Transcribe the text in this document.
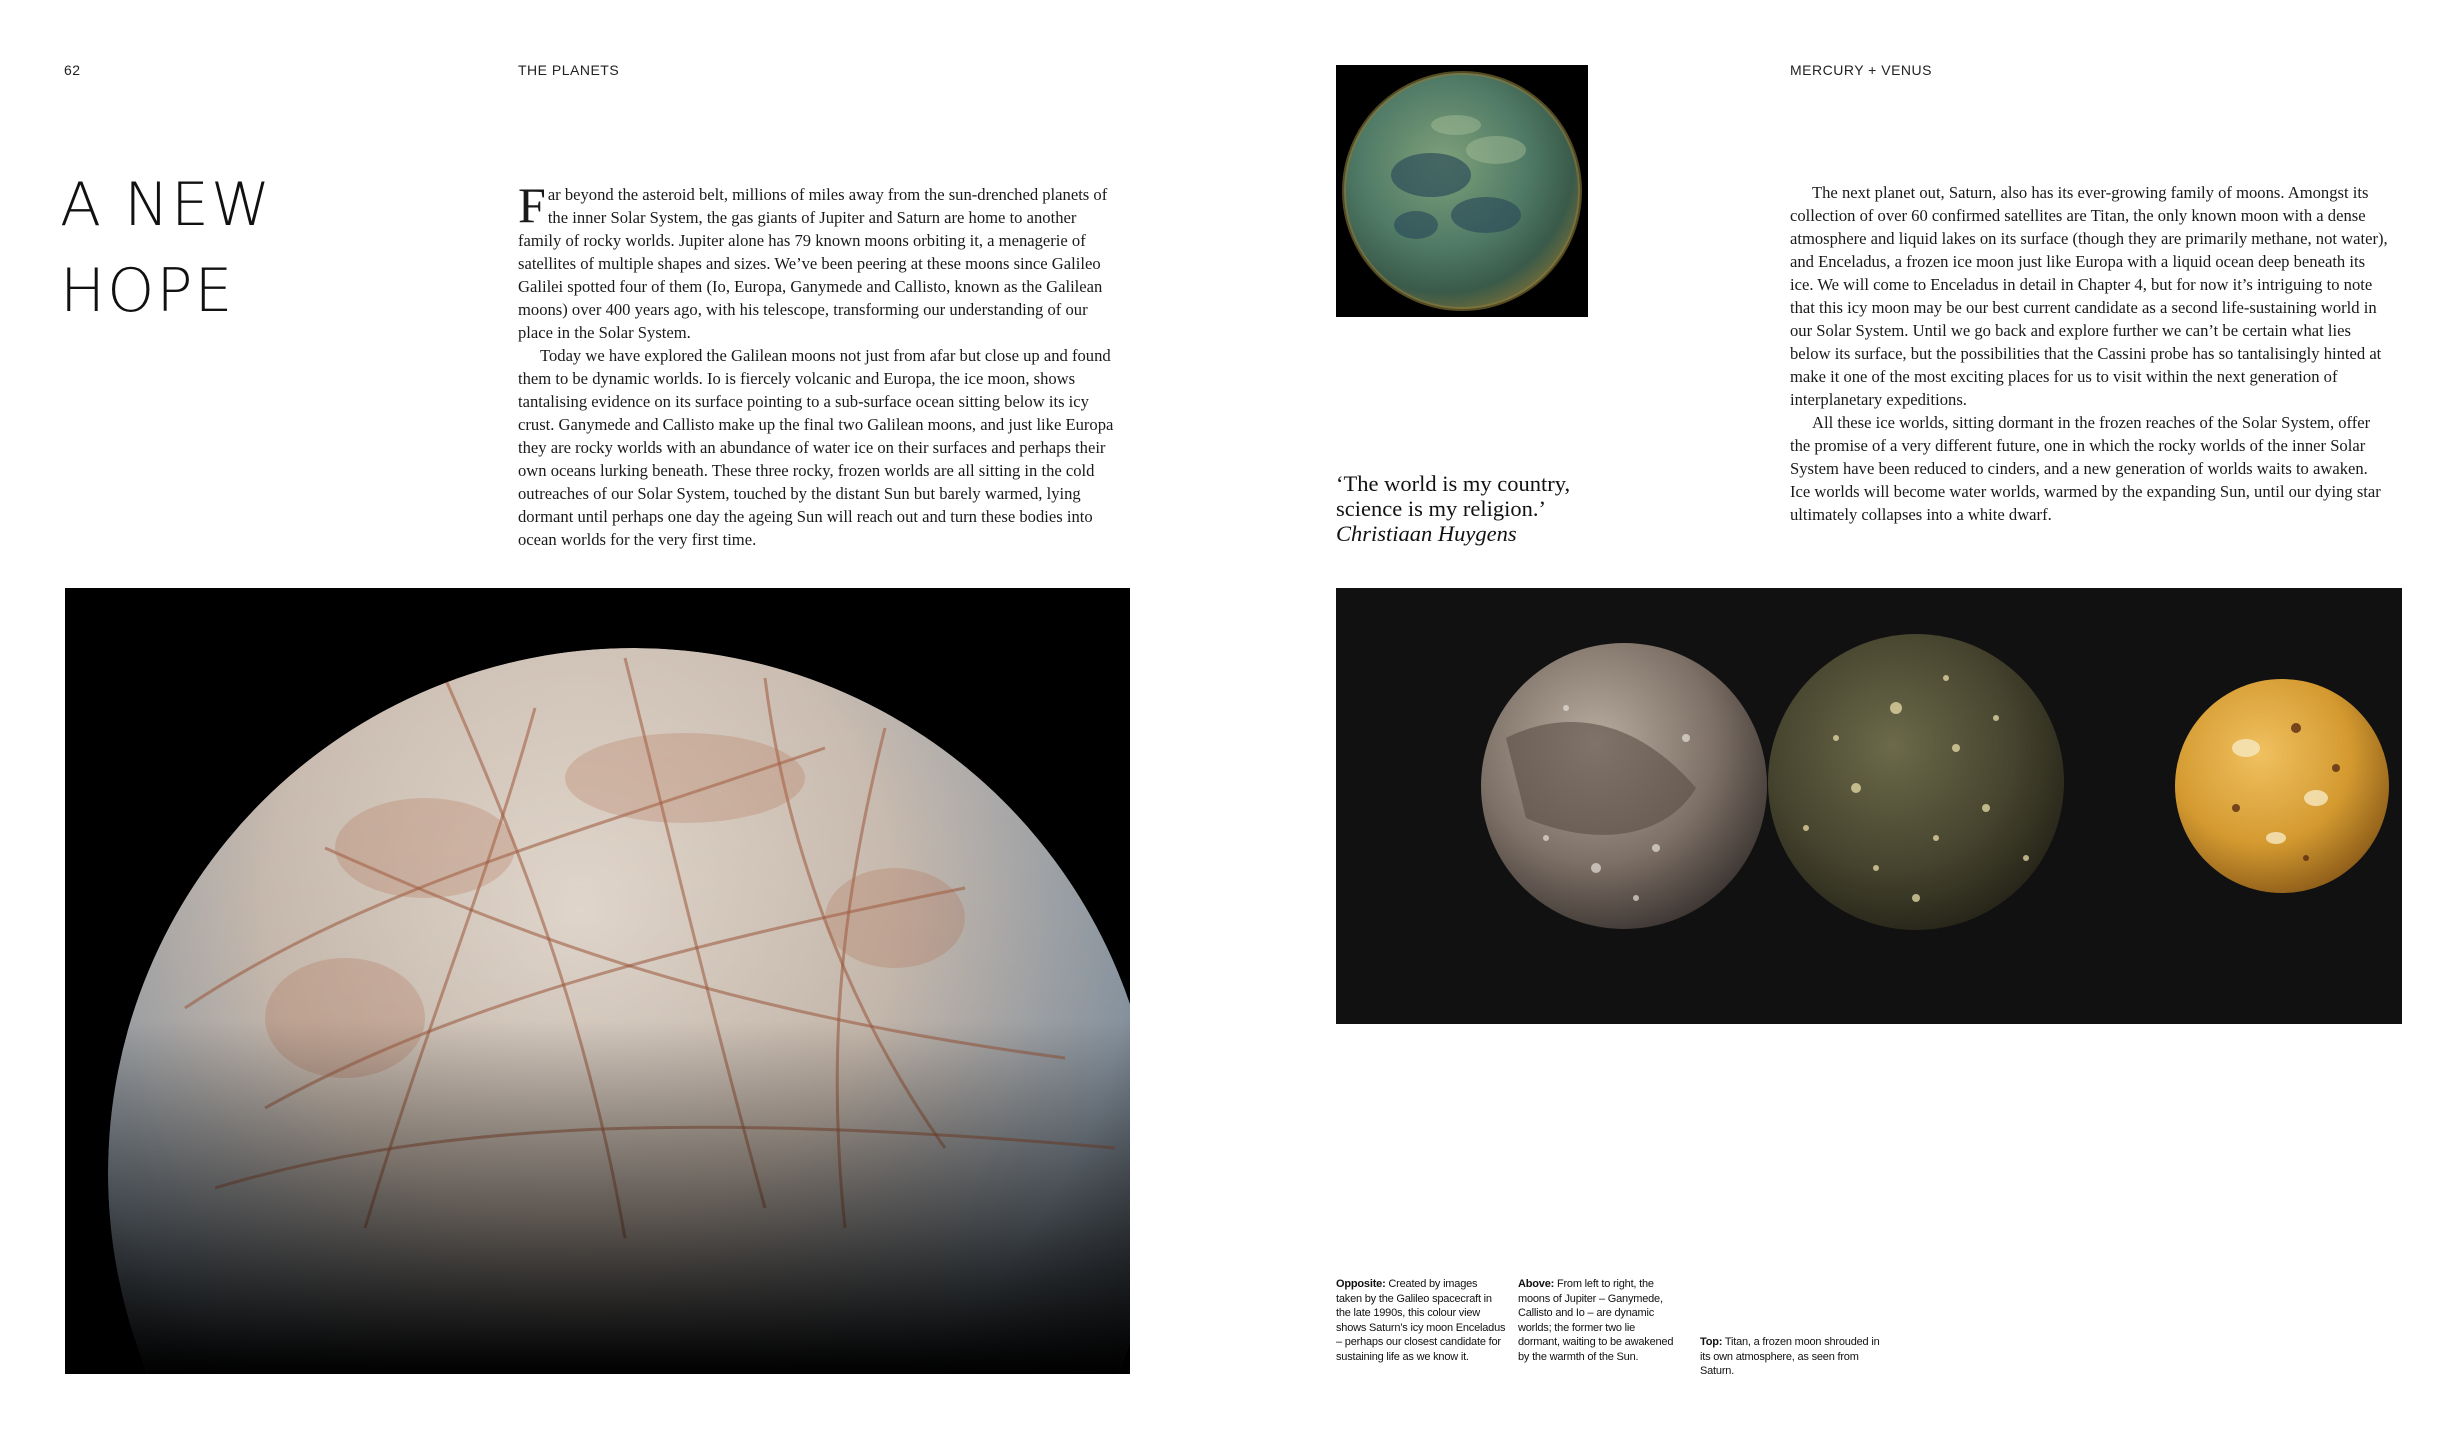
62	THE PLANETS
A NEW
HOPE

Far beyond the asteroid belt, millions of miles away from the sun-drenched planets of the inner Solar System, the gas giants of Jupiter and Saturn are home to another family of rocky worlds. Jupiter alone has 79 known moons orbiting it, a menagerie of satellites of multiple shapes and sizes. We’ve been peering at these moons since Galileo Galilei spotted four of them (Io, Europa, Ganymede and Callisto, known as the Galilean moons) over 400 years ago, with his telescope, transforming our understanding of our place in the Solar System.

Today we have explored the Galilean moons not just from afar but close up and found them to be dynamic worlds. Io is fiercely volcanic and Europa, the ice moon, shows tantalising evidence on its surface pointing to a sub-surface ocean sitting below its icy crust. Ganymede and Callisto make up the final two Galilean moons, and just like Europa they are rocky worlds with an abundance of water ice on their surfaces and perhaps their own oceans lurking beneath. These three rocky, frozen worlds are all sitting in the cold outreaches of our Solar System, touched by the distant Sun but barely warmed, lying dormant until perhaps one day the ageing Sun will reach out and turn these bodies into ocean worlds for the very first time.

MERCURY + VENUS

The next planet out, Saturn, also has its ever-growing family of moons. Amongst its collection of over 60 confirmed satellites are Titan, the only known moon with a dense atmosphere and liquid lakes on its surface (though they are primarily methane, not water), and Enceladus, a frozen ice moon just like Europa with a liquid ocean deep beneath its ice. We will come to Enceladus in detail in Chapter 4, but for now it’s intriguing to note that this icy moon may be our best current candidate as a second life-sustaining world in our Solar System. Until we go back and explore further we can’t be certain what lies below its surface, but the possibilities that the Cassini probe has so tantalisingly hinted at make it one of the most exciting places for us to visit within the next generation of interplanetary expeditions.

All these ice worlds, sitting dormant in the frozen reaches of the Solar System, offer the promise of a very different future, one in which the rocky worlds of the inner Solar System have been reduced to cinders, and a new generation of worlds waits to awaken. Ice worlds will become water worlds, warmed by the expanding Sun, until our dying star ultimately collapses into a white dwarf.

‘The world is my country,
science is my religion.’
Christiaan Huygens
Opposite: Created by images taken by the Galileo spacecraft in the late 1990s, this colour view shows Saturn’s icy moon Enceladus – perhaps our closest candidate for sustaining life as we know it.
Above: From left to right, the moons of Jupiter – Ganymede, Callisto and Io – are dynamic worlds; the former two lie dormant, waiting to be awakened by the warmth of the Sun.
Top: Titan, a frozen moon shrouded in its own atmosphere, as seen from Saturn.
